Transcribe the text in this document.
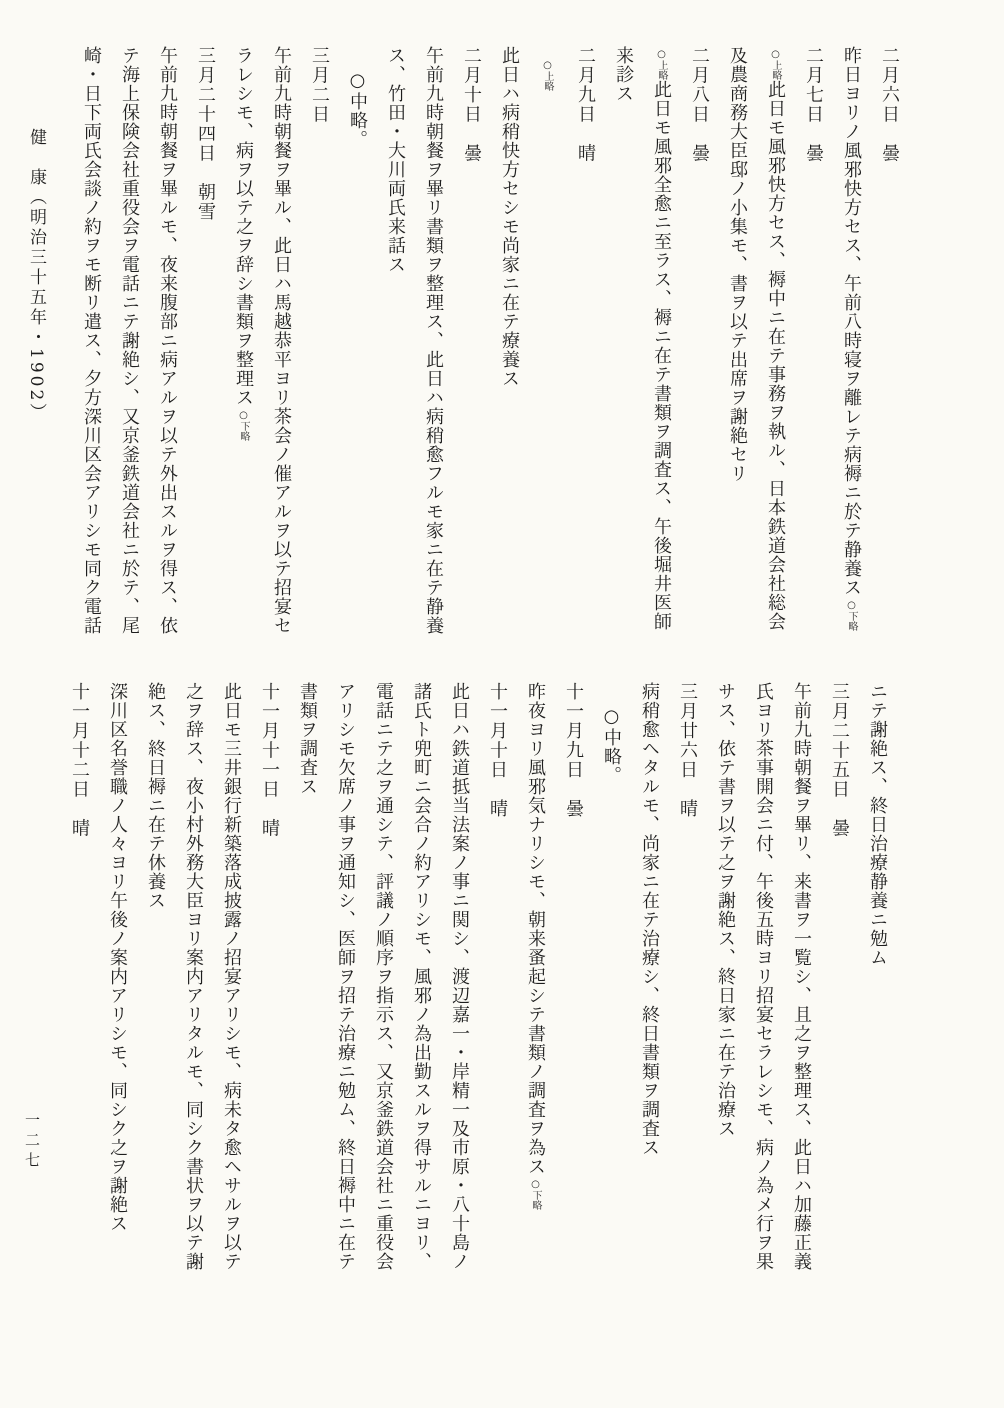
二月六日　曇
昨日ヨリノ風邪快方セス、午前八時寝ヲ離レテ病褥ニ於テ静養ス○下略
二月七日　曇
○上略此日モ風邪快方セス、褥中ニ在テ事務ヲ執ル、日本鉄道会社総会
及農商務大臣邸ノ小集モ、書ヲ以テ出席ヲ謝絶セリ
二月八日　曇
○上略此日モ風邪全愈ニ至ラス、褥ニ在テ書類ヲ調査ス、午後堀井医師
来診ス
二月九日　晴
○上略
此日ハ病稍快方セシモ尚家ニ在テ療養ス
二月十日　曇
午前九時朝餐ヲ畢リ書類ヲ整理ス、此日ハ病稍愈フルモ家ニ在テ静養
ス、竹田・大川両氏来話ス
○中略。
三月二日
午前九時朝餐ヲ畢ル、此日ハ馬越恭平ヨリ茶会ノ催アルヲ以テ招宴セ
ラレシモ、病ヲ以テ之ヲ辞シ書類ヲ整理ス○下略
三月二十四日　朝雪
午前九時朝餐ヲ畢ルモ、夜来腹部ニ病アルヲ以テ外出スルヲ得ス、依
テ海上保険会社重役会ヲ電話ニテ謝絶シ、又京釜鉄道会社ニ於テ、尾
崎・日下両氏会談ノ約ヲモ断リ遣ス、夕方深川区会アリシモ同ク電話
ニテ謝絶ス、終日治療静養ニ勉ム
三月二十五日　曇
午前九時朝餐ヲ畢リ、来書ヲ一覧シ、且之ヲ整理ス、此日ハ加藤正義
氏ヨリ茶事開会ニ付、午後五時ヨリ招宴セラレシモ、病ノ為メ行ヲ果
サス、依テ書ヲ以テ之ヲ謝絶ス、終日家ニ在テ治療ス
三月廿六日　晴
病稍愈ヘタルモ、尚家ニ在テ治療シ、終日書類ヲ調査ス
○中略。
十一月九日　曇
昨夜ヨリ風邪気ナリシモ、朝来蚤起シテ書類ノ調査ヲ為ス○下略
十一月十日　晴
此日ハ鉄道抵当法案ノ事ニ関シ、渡辺嘉一・岸精一及市原・八十島ノ
諸氏ト兜町ニ会合ノ約アリシモ、風邪ノ為出勤スルヲ得サルニヨリ、
電話ニテ之ヲ通シテ、評議ノ順序ヲ指示ス、又京釜鉄道会社ニ重役会
アリシモ欠席ノ事ヲ通知シ、医師ヲ招テ治療ニ勉ム、終日褥中ニ在テ
書類ヲ調査ス
十一月十一日　晴
此日モ三井銀行新築落成披露ノ招宴アリシモ、病未タ愈ヘサルヲ以テ
之ヲ辞ス、夜小村外務大臣ヨリ案内アリタルモ、同シク書状ヲ以テ謝
絶ス、終日褥ニ在テ休養ス
深川区名誉職ノ人々ヨリ午後ノ案内アリシモ、同シク之ヲ謝絶ス
十一月十二日　晴
健　康（明治三十五年・1902）
一二七
